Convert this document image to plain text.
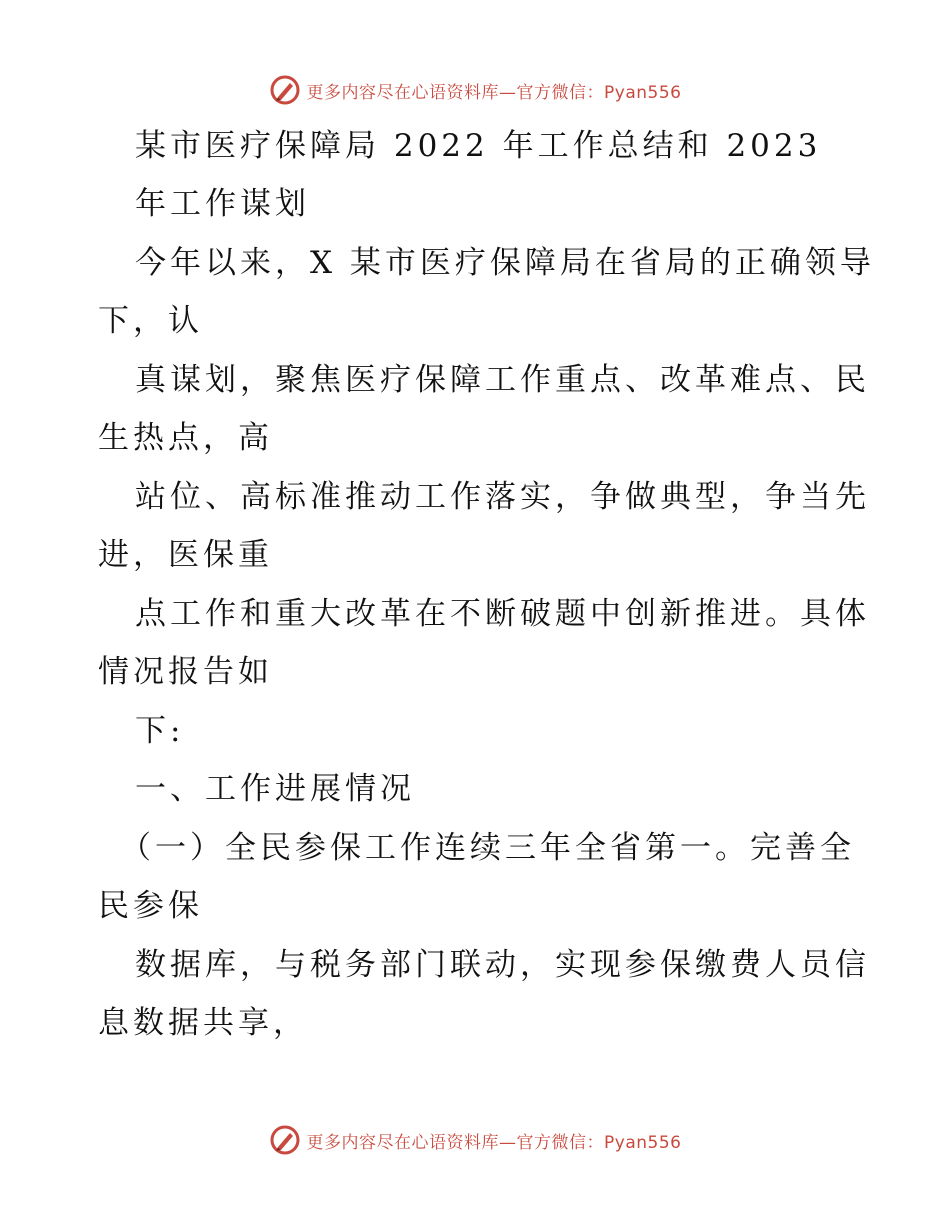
更多内容尽在心语资料库—官方微信：Pyan556
某市医疗保障局 2022 年工作总结和 2023
年工作谋划
今年以来，X 某市医疗保障局在省局的正确领导
下，认
真谋划，聚焦医疗保障工作重点、改革难点、民
生热点，高
站位、高标准推动工作落实，争做典型，争当先
进，医保重
点工作和重大改革在不断破题中创新推进。具体
情况报告如
下:
一、工作进展情况
（一）全民参保工作连续三年全省第一。完善全
民参保
数据库，与税务部门联动，实现参保缴费人员信
息数据共享，
更多内容尽在心语资料库—官方微信：Pyan556
